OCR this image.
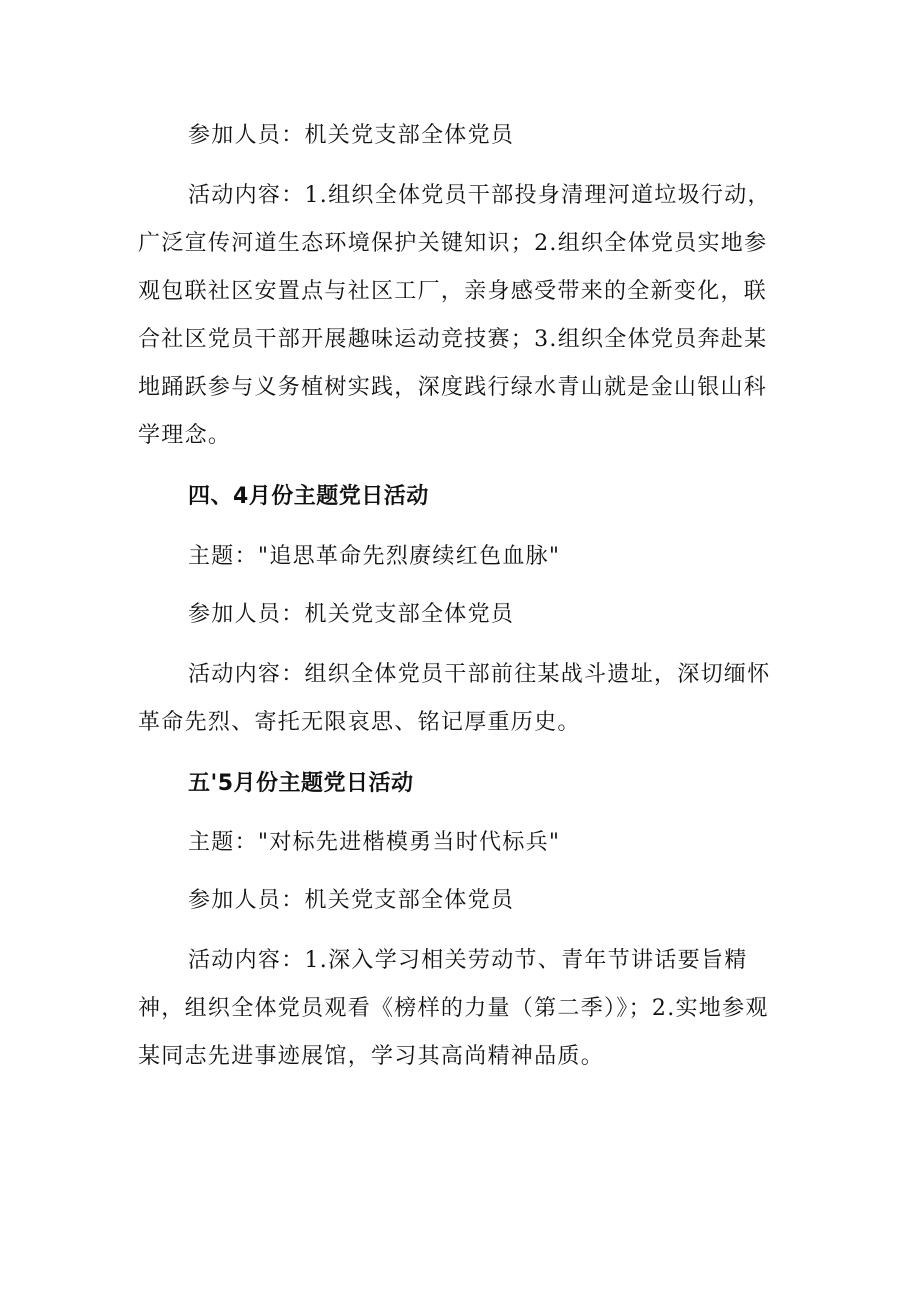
参加人员：机关党支部全体党员

活动内容：1.组织全体党员干部投身清理河道垃圾行动，广泛宣传河道生态环境保护关键知识；2.组织全体党员实地参观包联社区安置点与社区工厂，亲身感受带来的全新变化，联合社区党员干部开展趣味运动竞技赛；3.组织全体党员奔赴某地踊跃参与义务植树实践，深度践行绿水青山就是金山银山科学理念。

四、4月份主题党日活动

主题："追思革命先烈赓续红色血脉"

参加人员：机关党支部全体党员

活动内容：组织全体党员干部前往某战斗遗址，深切缅怀革命先烈、寄托无限哀思、铭记厚重历史。

五'5月份主题党日活动

主题："对标先进楷模勇当时代标兵"

参加人员：机关党支部全体党员

活动内容：1.深入学习相关劳动节、青年节讲话要旨精神，组织全体党员观看《榜样的力量（第二季）》；2.实地参观某同志先进事迹展馆，学习其高尚精神品质。
